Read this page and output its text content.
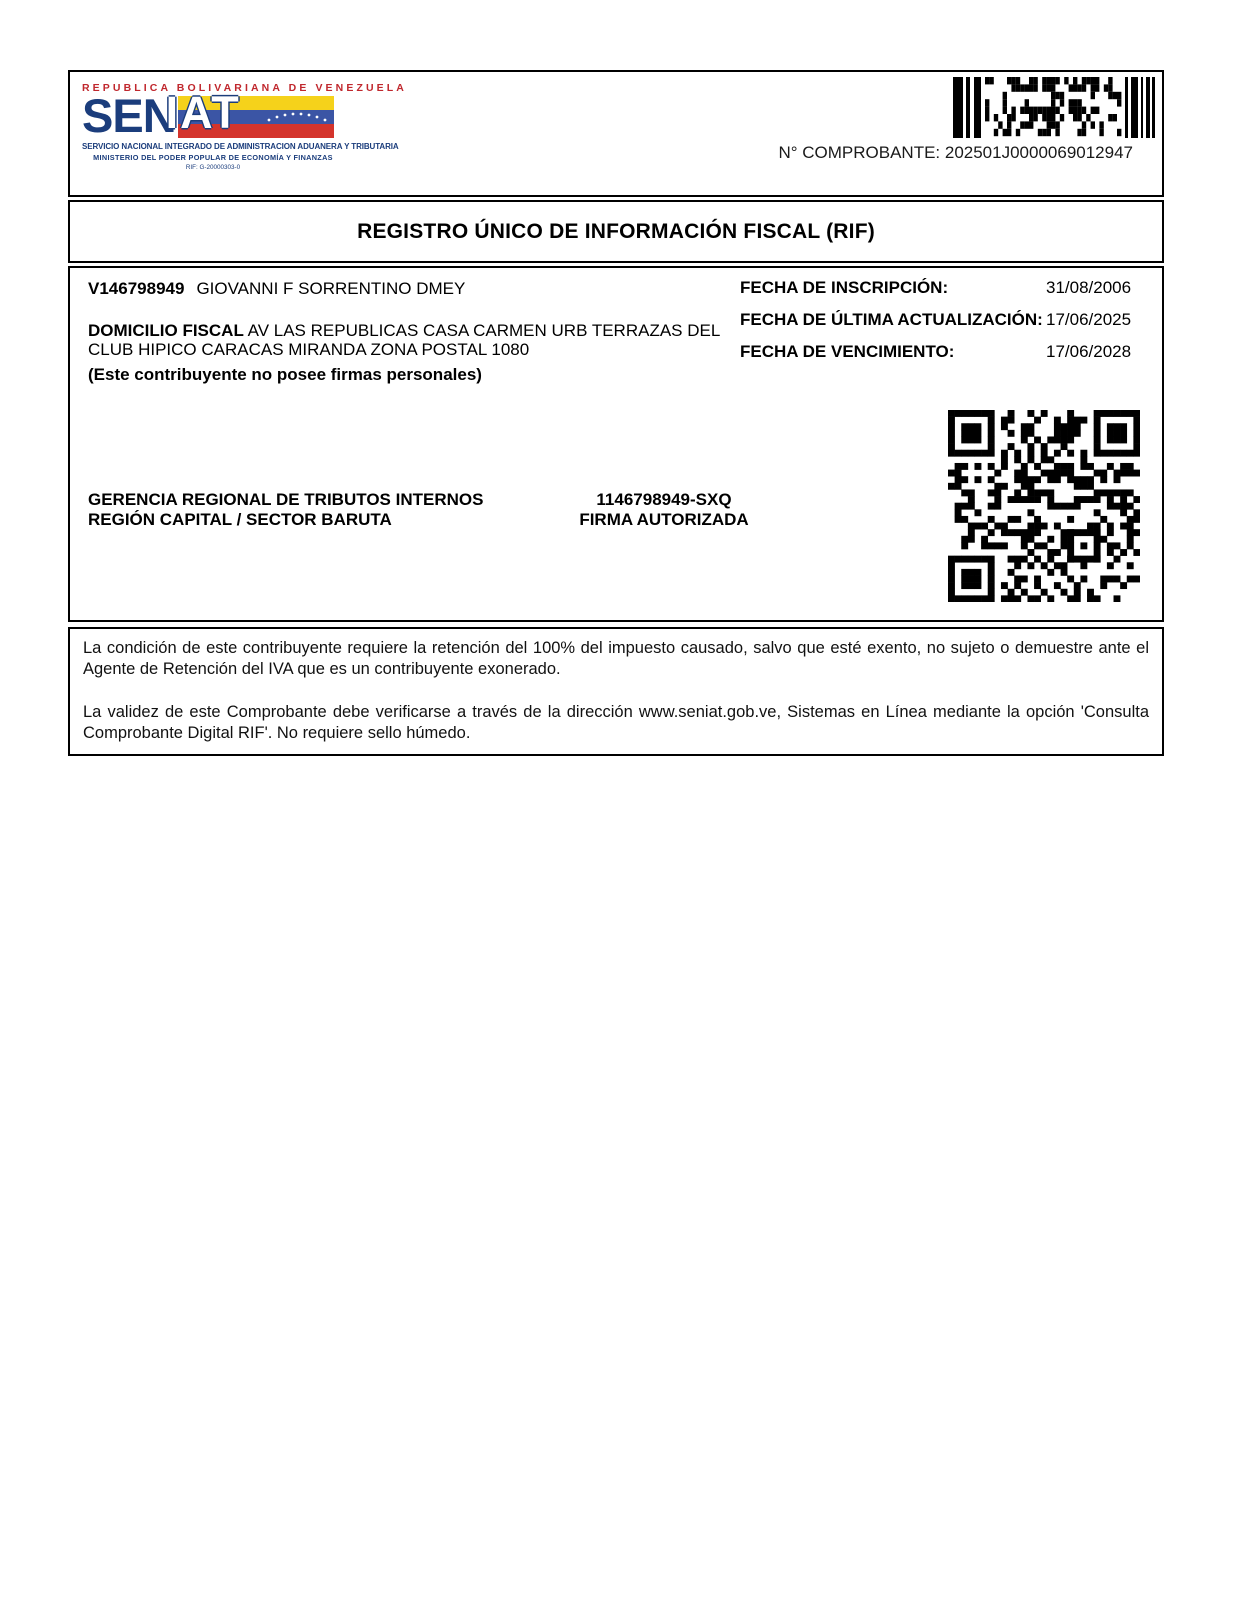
REPUBLICA BOLIVARIANA DE VENEZUELA
SEN
IAT
SERVICIO NACIONAL INTEGRADO DE ADMINISTRACION ADUANERA Y TRIBUTARIA
MINISTERIO DEL PODER POPULAR DE ECONOMÍA Y FINANZAS
RIF: G-20000303-0
N° COMPROBANTE: 202501J0000069012947
REGISTRO ÚNICO DE INFORMACIÓN FISCAL (RIF)
V146798949 GIOVANNI F SORRENTINO DMEY
DOMICILIO FISCAL AV LAS REPUBLICAS CASA CARMEN URB TERRAZAS DEL CLUB HIPICO CARACAS MIRANDA ZONA POSTAL 1080
(Este contribuyente no posee firmas personales)
FECHA DE INSCRIPCIÓN:	31/08/2006
FECHA DE ÚLTIMA ACTUALIZACIÓN: 17/06/2025
FECHA DE VENCIMIENTO:	17/06/2028
GERENCIA REGIONAL DE TRIBUTOS INTERNOS
REGIÓN CAPITAL / SECTOR BARUTA
1146798949-SXQ
FIRMA AUTORIZADA

La condición de este contribuyente requiere la retención del 100% del impuesto causado, salvo que esté exento, no sujeto o demuestre ante el Agente de Retención del IVA que es un contribuyente exonerado.

La validez de este Comprobante debe verificarse a través de la dirección www.seniat.gob.ve, Sistemas en Línea mediante la opción 'Consulta Comprobante Digital RIF'. No requiere sello húmedo.
